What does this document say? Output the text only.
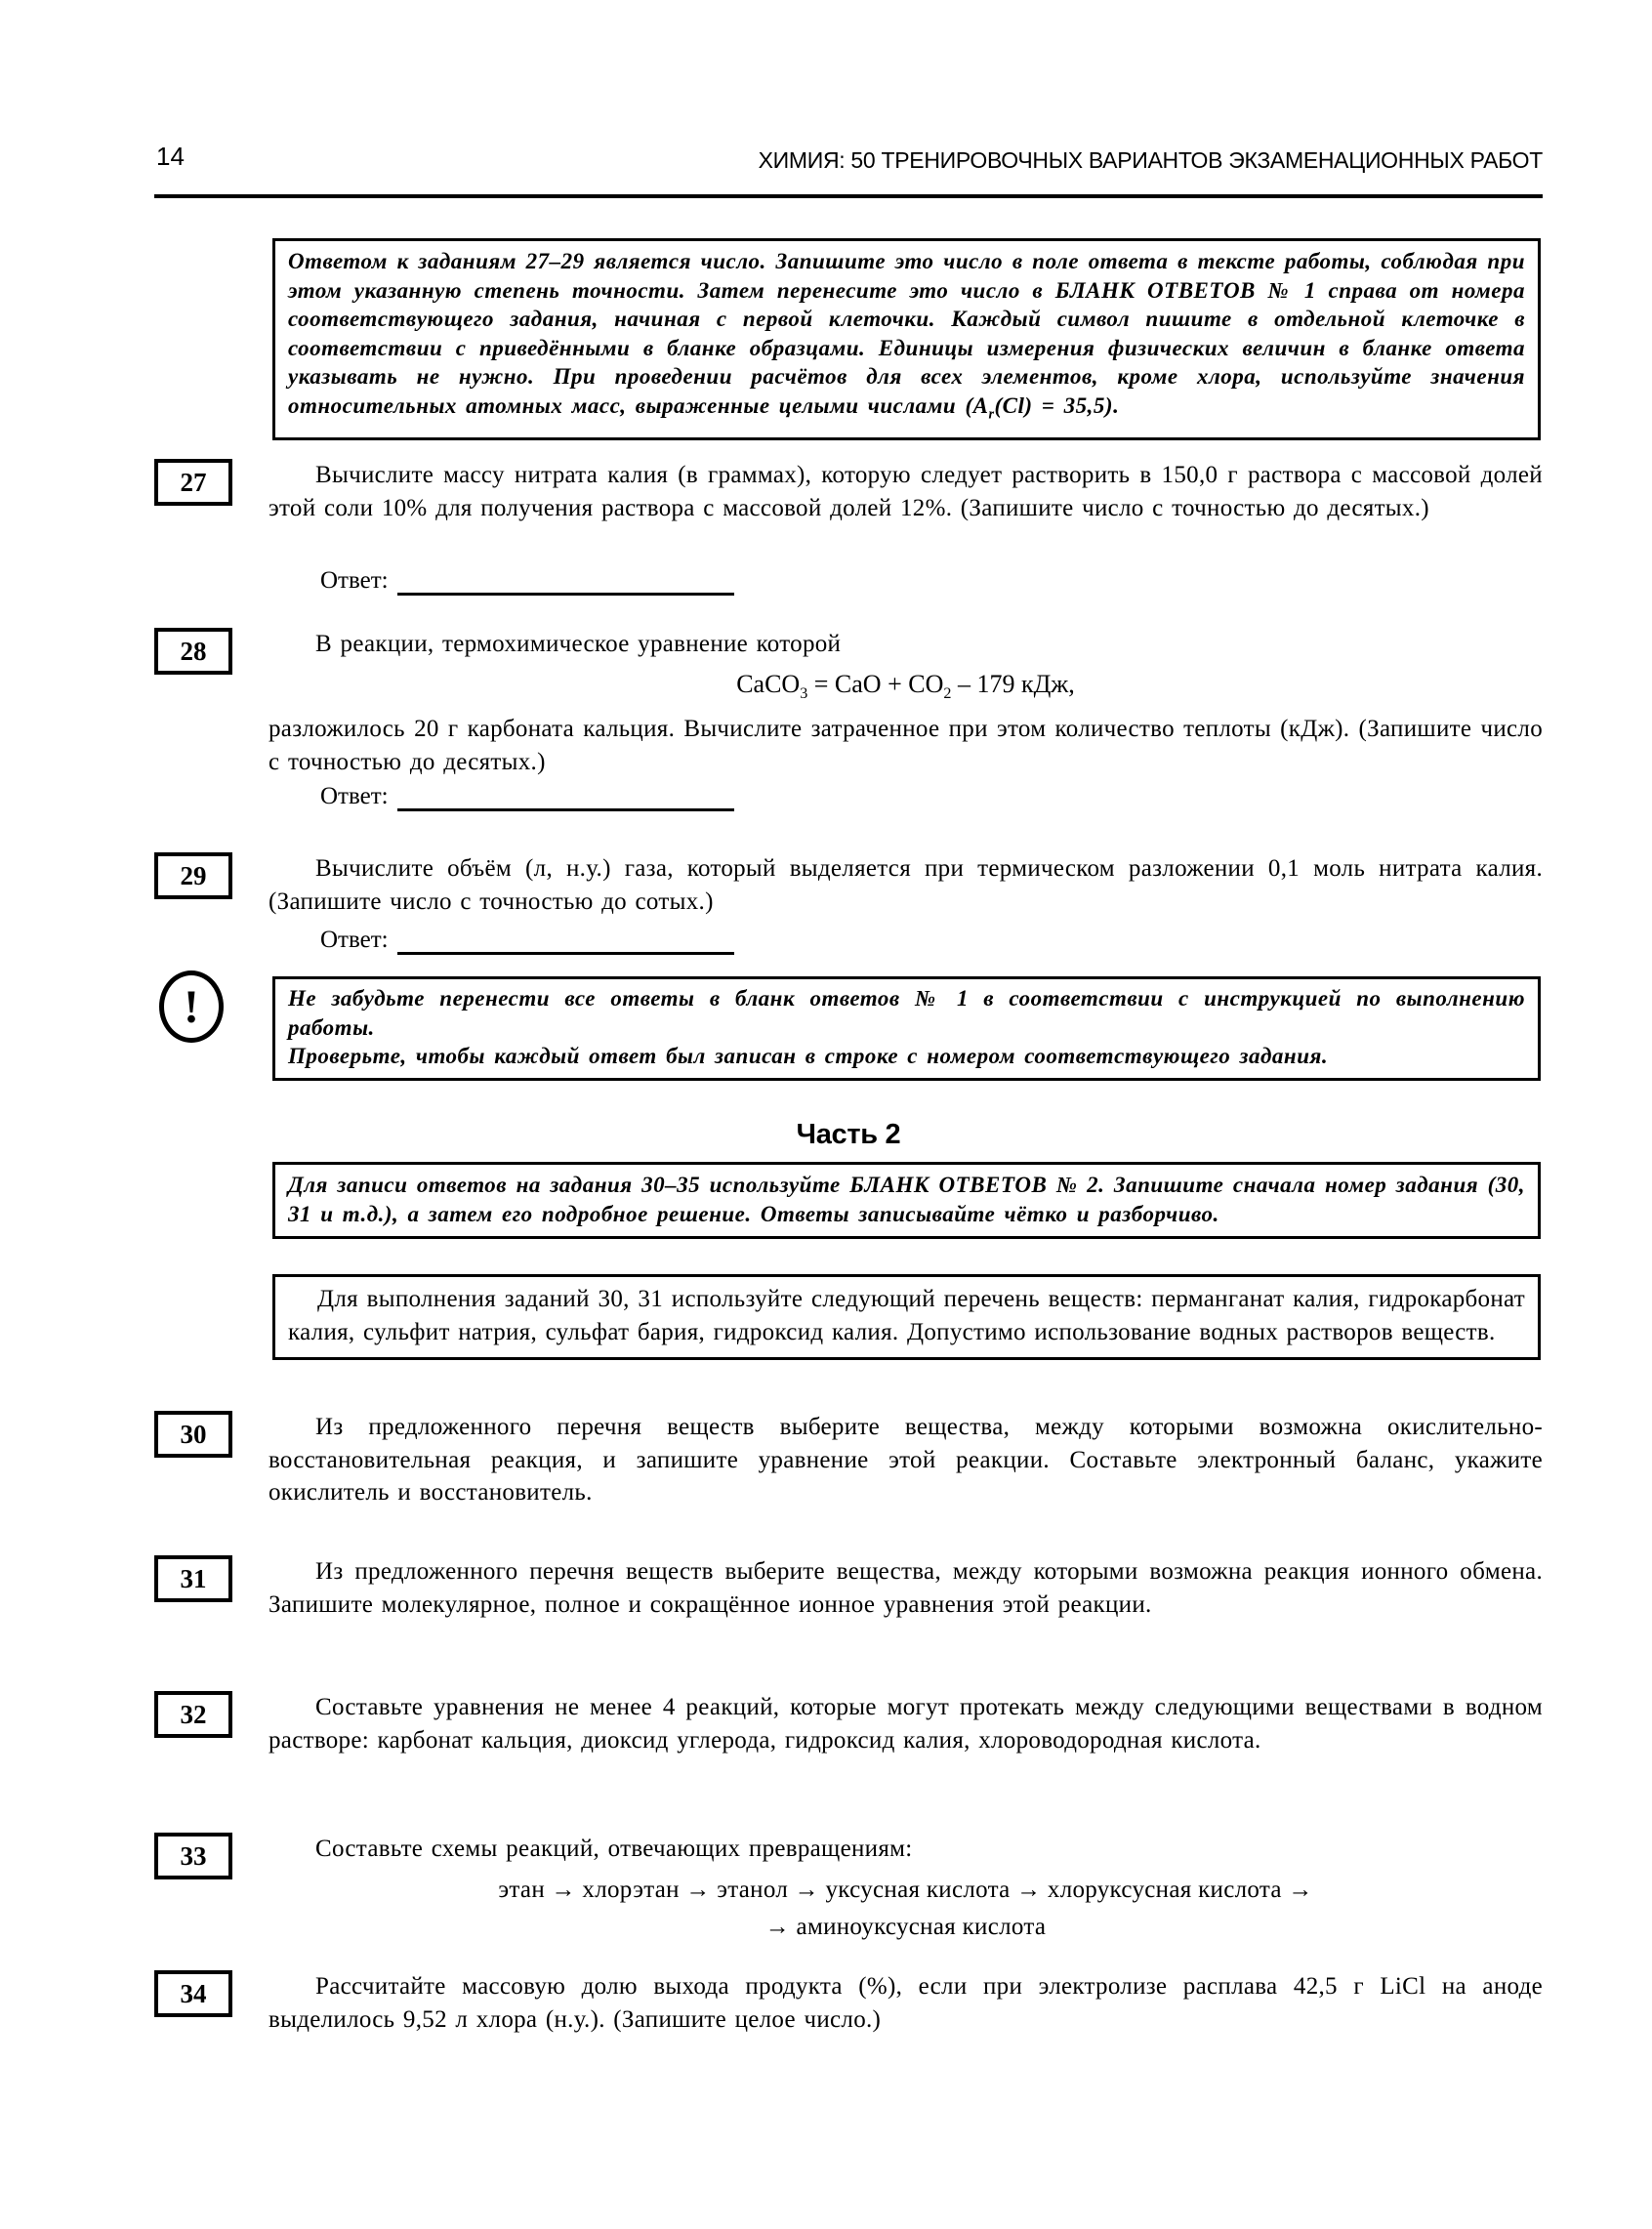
14	ХИМИЯ: 50 ТРЕНИРОВОЧНЫХ ВАРИАНТОВ ЭКЗАМЕНАЦИОННЫХ РАБОТ

Ответом к заданиям 27–29 является число. Запишите это число в поле ответа в тексте работы, соблюдая при этом указанную степень точности. Затем перенесите это число в БЛАНК ОТВЕТОВ № 1 справа от номера соответствующего задания, начиная с первой клеточки. Каждый символ пишите в отдельной клеточке в соответствии с приведёнными в бланке образцами. Единицы измерения физических величин в бланке ответа указывать не нужно. При проведении расчётов для всех элементов, кроме хлора, используйте значения относительных атомных масс, выраженные целыми числами $(A_r(Cl) = 35,5)$.

27	Вычислите массу нитрата калия (в граммах), которую следует растворить в 150,0 г раствора с массовой долей этой соли 10% для получения раствора с массовой долей 12%. (Запишите число с точностью до десятых.)

Ответ:
28	В реакции, термохимическое уравнение которой

CaCO$_3$ = CaO + $CO_2 - 179$ кДж,

разложилось 20 г карбоната кальция. Вычислите затраченное при этом количество теплоты (кДж). (Запишите число с точностью до десятых.)

Ответ:
29	Вычислите объём (л, н.у.) газа, который выделяется при термическом разложении 0,1 моль нитрата калия. (Запишите число с точностью до сотых.)

Ответ:
!	Не забудьте перенести все ответы в бланк ответов № 1 в соответствии с инструкцией по выполнению работы.

Проверьте, чтобы каждый ответ был записан в строке с номером соответствующего задания.

Часть 2

Для записи ответов на задания 30–35 используйте БЛАНК ОТВЕТОВ № 2. Запишите сначала номер задания (30, 31 и т.д.), а затем его подробное решение. Ответы записывайте чётко и разборчиво.

Для выполнения заданий 30, 31 используйте следующий перечень веществ: перманганат калия, гидрокарбонат калия, сульфит натрия, сульфат бария, гидроксид калия. Допустимо использование водных растворов веществ.

30	Из предложенного перечня веществ выберите вещества, между которыми возможна окислительно-восстановительная реакция, и запишите уравнение этой реакции. Составьте электронный баланс, укажите окислитель и восстановитель.

31	Из предложенного перечня веществ выберите вещества, между которыми возможна реакция ионного обмена. Запишите молекулярное, полное и сокращённое ионное уравнения этой реакции.

32	Составьте уравнения не менее 4 реакций, которые могут протекать между следующими веществами в водном растворе: карбонат кальция, диоксид углерода, гидроксид калия, хлороводородная кислота.

33	Составьте схемы реакций, отвечающих превращениям:

этан → хлорэтан → этанол → уксусная кислота → хлоруксусная кислота →
→ аминоуксусная кислота
34	Рассчитайте массовую долю выхода продукта (%), если при электролизе расплава 42,5 г LiCl на аноде выделилось 9,52 л хлора (н.у.). (Запишите целое число.)
